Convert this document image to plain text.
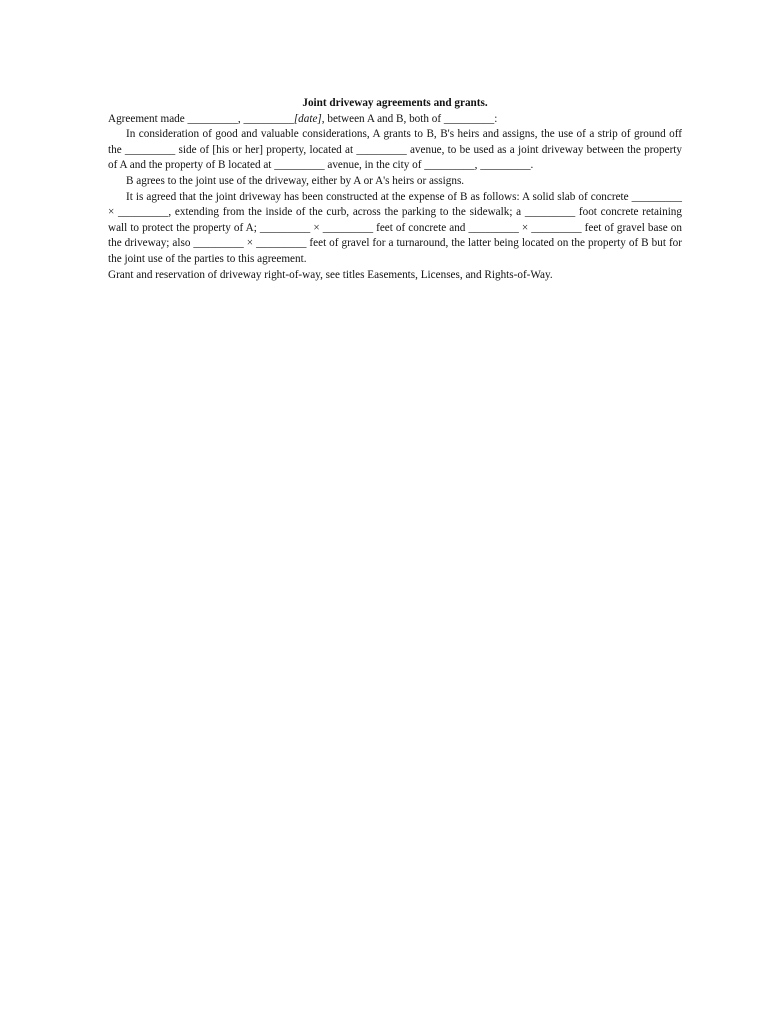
Joint driveway agreements and grants.

Agreement made _________, _________[date], between A and B, both of _________:

In consideration of good and valuable considerations, A grants to B, B's heirs and assigns, the use of a strip of ground off the _________ side of [his or her] property, located at _________ avenue, to be used as a joint driveway between the property of A and the property of B located at _________ avenue, in the city of _________, _________.

B agrees to the joint use of the driveway, either by A or A's heirs or assigns.

It is agreed that the joint driveway has been constructed at the expense of B as follows: A solid slab of concrete _________ × _________, extending from the inside of the curb, across the parking to the sidewalk; a _________ foot concrete retaining wall to protect the property of A; _________ × _________ feet of concrete and _________ × _________ feet of gravel base on the driveway; also _________ × _________ feet of gravel for a turnaround, the latter being located on the property of B but for the joint use of the parties to this agreement.

Grant and reservation of driveway right-of-way, see titles Easements, Licenses, and Rights-of-Way.
